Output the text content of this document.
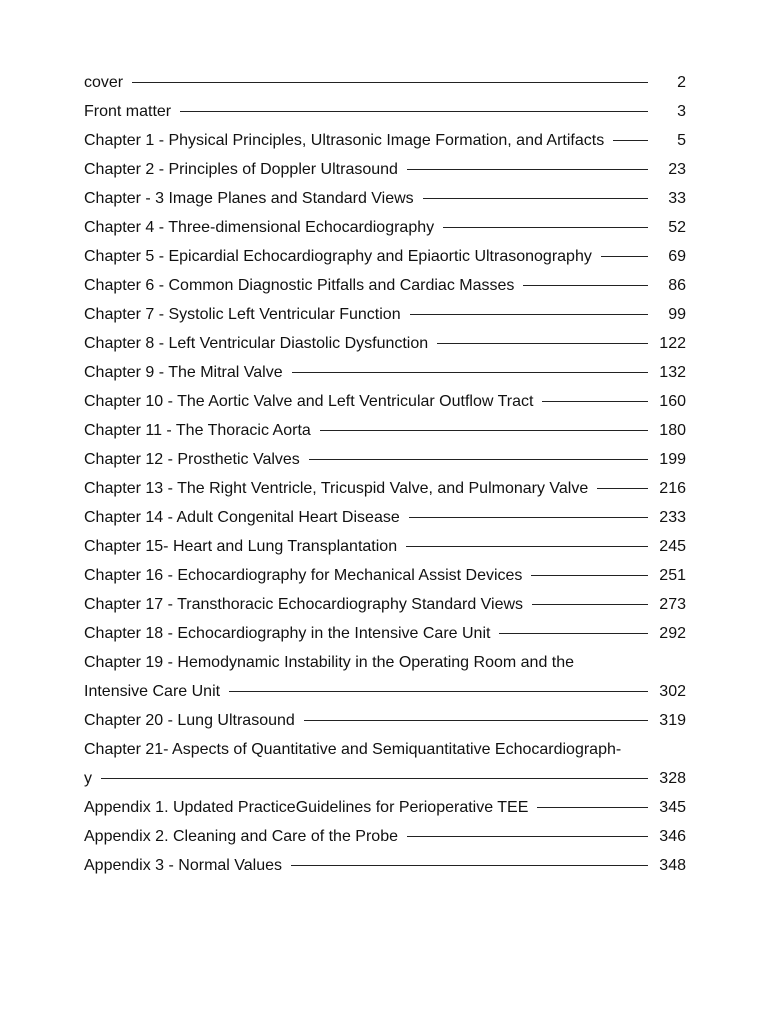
cover	2
Front matter	3
Chapter 1 - Physical Principles, Ultrasonic Image Formation, and Artifacts	5
Chapter 2 - Principles of Doppler Ultrasound	23
Chapter - 3 Image Planes and Standard Views	33
Chapter 4 - Three-dimensional Echocardiography	52
Chapter 5 - Epicardial Echocardiography and Epiaortic Ultrasonography	69
Chapter 6 - Common Diagnostic Pitfalls and Cardiac Masses	86
Chapter 7 - Systolic Left Ventricular Function	99
Chapter 8 - Left Ventricular Diastolic Dysfunction	122
Chapter 9 - The Mitral Valve	132
Chapter 10 - The Aortic Valve and Left Ventricular Outflow Tract	160
Chapter 11 - The Thoracic Aorta	180
Chapter 12 - Prosthetic Valves	199
Chapter 13 - The Right Ventricle, Tricuspid Valve, and Pulmonary Valve	216
Chapter 14 - Adult Congenital Heart Disease	233
Chapter 15- Heart and Lung Transplantation	245
Chapter 16 - Echocardiography for Mechanical Assist Devices	251
Chapter 17 - Transthoracic Echocardiography Standard Views	273
Chapter 18 - Echocardiography in the Intensive Care Unit	292
Chapter 19 - Hemodynamic Instability in the Operating Room and the
Intensive Care Unit	302
Chapter 20 - Lung Ultrasound	319
Chapter 21- Aspects of Quantitative and Semiquantitative Echocardiograph-
y	328
Appendix 1. Updated PracticeGuidelines for Perioperative TEE	345
Appendix 2. Cleaning and Care of the Probe	346
Appendix 3 - Normal Values	348
